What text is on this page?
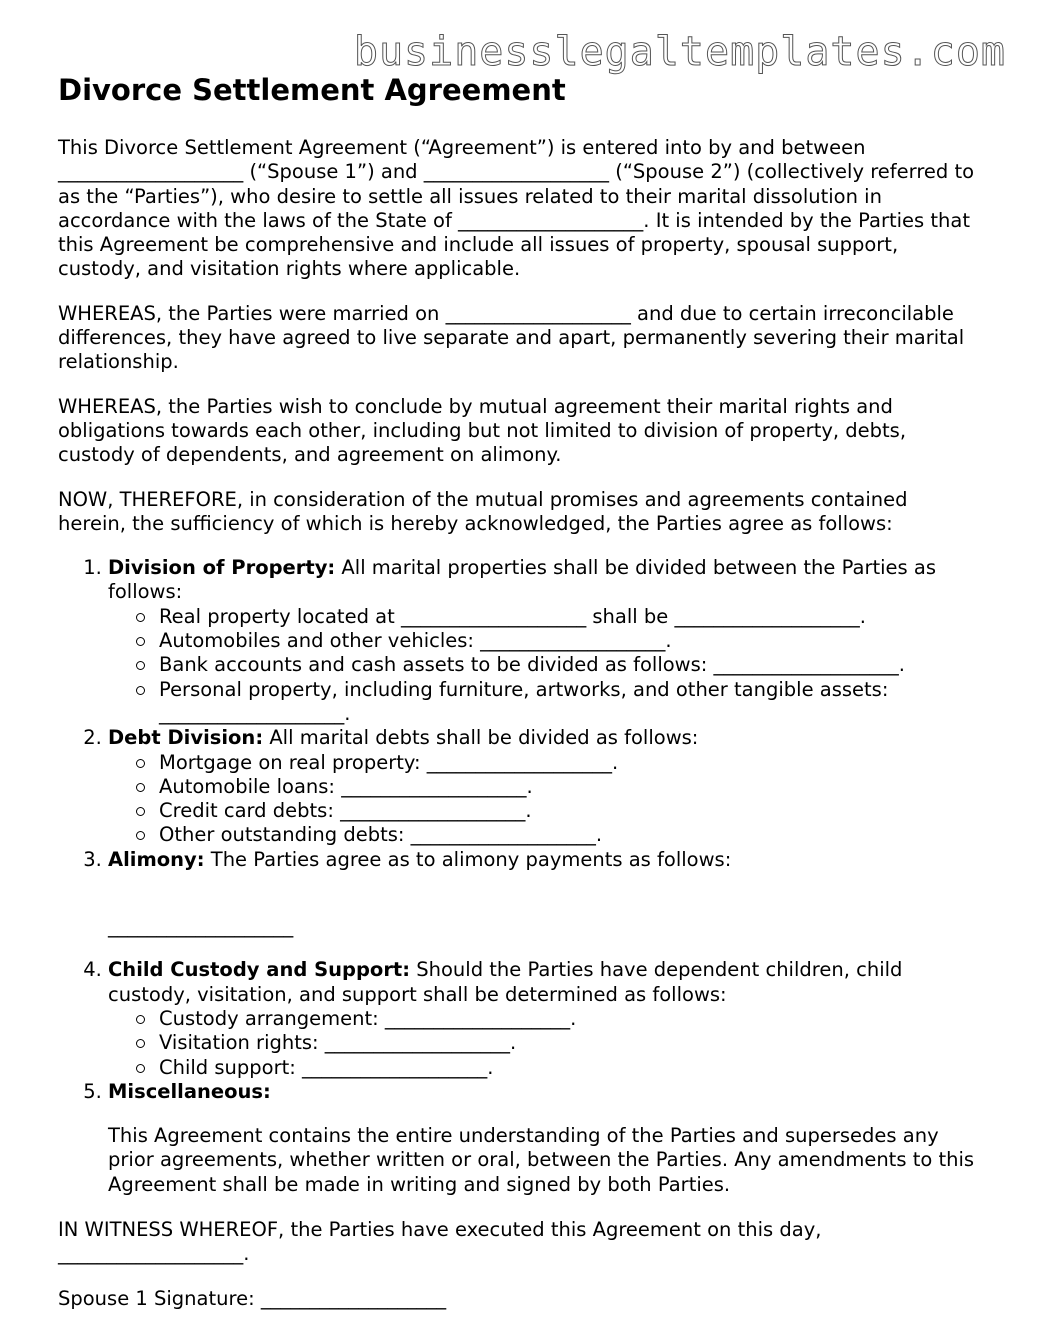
businesslegaltemplates.com
Divorce Settlement Agreement

This Divorce Settlement Agreement (“Agreement”) is entered into by and between ___________________ (“Spouse 1”) and ___________________ (“Spouse 2”) (collectively referred to as the “Parties”), who desire to settle all issues related to their marital dissolution in accordance with the laws of the State of ___________________. It is intended by the Parties that this Agreement be comprehensive and include all issues of property, spousal support, custody, and visitation rights where applicable.

WHEREAS, the Parties were married on ___________________ and due to certain irreconcilable differences, they have agreed to live separate and apart, permanently severing their marital relationship.

WHEREAS, the Parties wish to conclude by mutual agreement their marital rights and obligations towards each other, including but not limited to division of property, debts, custody of dependents, and agreement on alimony.

NOW, THEREFORE, in consideration of the mutual promises and agreements contained herein, the sufficiency of which is hereby acknowledged, the Parties agree as follows:

1. Division of Property: All marital properties shall be divided between the Parties as follows:
Real property located at ___________________ shall be ___________________.
Automobiles and other vehicles: ___________________.
Bank accounts and cash assets to be divided as follows: ___________________.
Personal property, including furniture, artworks, and other tangible assets: ___________________.
2. Debt Division: All marital debts shall be divided as follows:
Mortgage on real property: ___________________.
Automobile loans: ___________________.
Credit card debts: ___________________.
Other outstanding debts: ___________________.
3. Alimony: The Parties agree as to alimony payments as follows:
___________________
4. Child Custody and Support: Should the Parties have dependent children, child custody, visitation, and support shall be determined as follows:
Custody arrangement: ___________________.
Visitation rights: ___________________.
Child support: ___________________.
5. Miscellaneous:
This Agreement contains the entire understanding of the Parties and supersedes any prior agreements, whether written or oral, between the Parties. Any amendments to this Agreement shall be made in writing and signed by both Parties.

IN WITNESS WHEREOF, the Parties have executed this Agreement on this day, ___________________.

Spouse 1 Signature: ___________________
